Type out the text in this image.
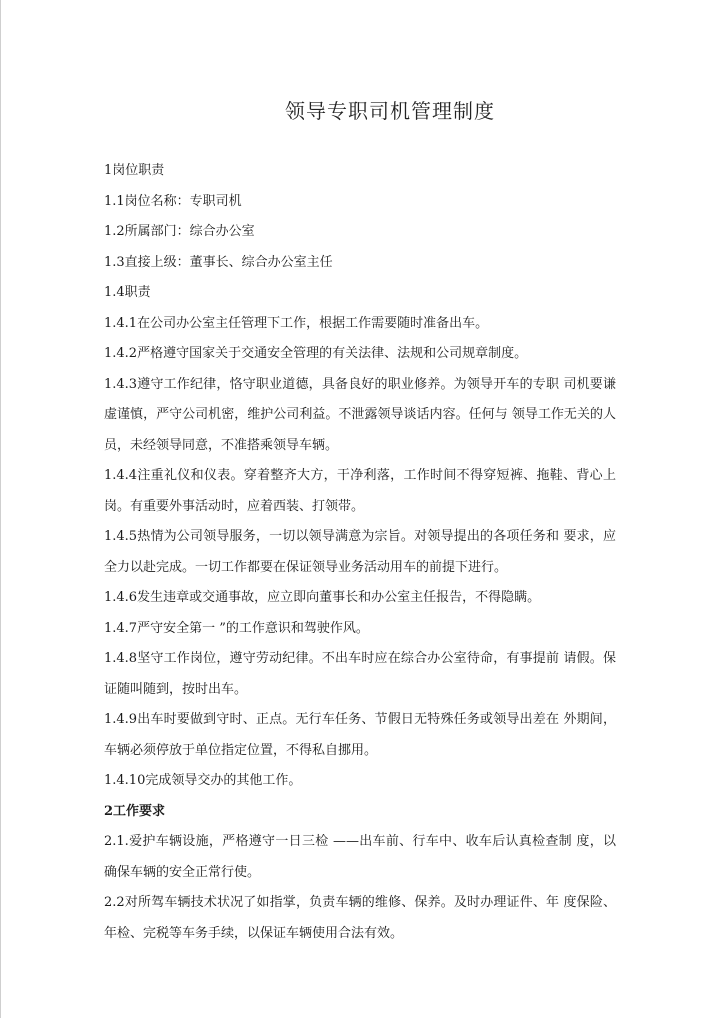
领导专职司机管理制度

1岗位职责

1.1岗位名称：专职司机

1.2所属部门：综合办公室

1.3直接上级：董事长、综合办公室主任

1.4职责

1.4.1在公司办公室主任管理下工作，根据工作需要随时准备出车。

1.4.2严格遵守国家关于交通安全管理的有关法律、法规和公司规章制度。

1.4.3遵守工作纪律，恪守职业道德，具备良好的职业修养。为领导开车的专职 司机要谦虚谨慎，严守公司机密，维护公司利益。不泄露领导谈话内容。任何与 领导工作无关的人员，未经领导同意，不准搭乘领导车辆。

1.4.4注重礼仪和仪表。穿着整齐大方，干净利落，工作时间不得穿短裤、拖鞋、背心上岗。有重要外事活动时，应着西装、打领带。

1.4.5热情为公司领导服务，一切以领导满意为宗旨。对领导提出的各项任务和 要求，应全力以赴完成。一切工作都要在保证领导业务活动用车的前提下进行。

1.4.6发生违章或交通事故，应立即向董事长和办公室主任报告，不得隐瞒。

1.4.7严守安全第一 ”的工作意识和驾驶作风。

1.4.8坚守工作岗位，遵守劳动纪律。不出车时应在综合办公室待命，有事提前 请假。保证随叫随到，按时出车。

1.4.9出车时要做到守时、正点。无行车任务、节假日无特殊任务或领导出差在 外期间，车辆必须停放于单位指定位置，不得私自挪用。

1.4.10完成领导交办的其他工作。

2工作要求

2.1.爱护车辆设施，严格遵守一日三检 ——出车前、行车中、收车后认真检查制 度，以确保车辆的安全正常行使。

2.2对所驾车辆技术状况了如指掌，负责车辆的维修、保养。及时办理证件、年 度保险、年检、完税等车务手续，以保证车辆使用合法有效。
